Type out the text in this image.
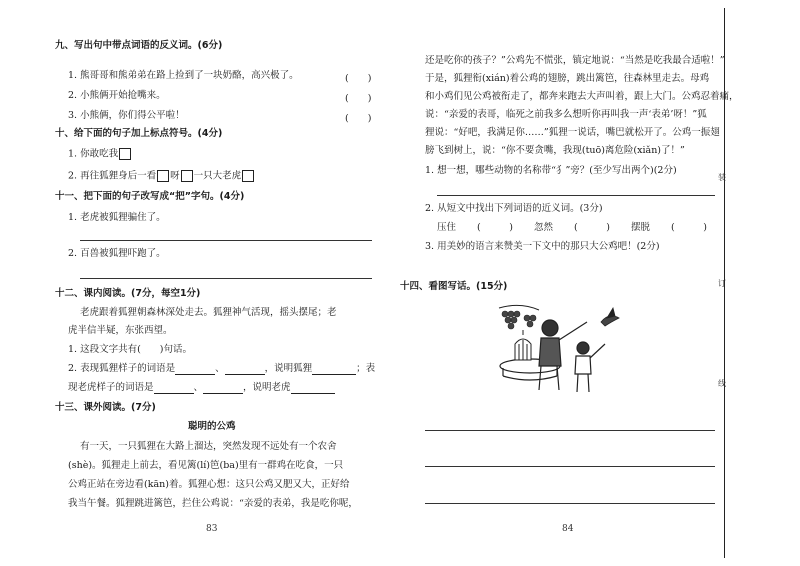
九、写出句中带点词语的反义词。(6分)
1. 熊哥哥和熊弟弟在路上捡到了一块奶酪，高兴极了。	(　　)
2. 小熊俩开始抢嘴来。	(　　)
3. 小熊俩，你们得公平啦！	(　　)
十、给下面的句子加上标点符号。(4分)
1. 你敢吃我
2. 再往狐狸身后一看 呀 一只大老虎
十一、把下面的句子改写成“把”字句。(4分)
1. 老虎被狐狸骗住了。
2. 百兽被狐狸吓跑了。
十二、课内阅读。(7分，每空1分)
老虎跟着狐狸朝森林深处走去。狐狸神气活现，摇头摆尾；老
虎半信半疑，东张西望。
1. 这段文字共有(　　)句话。
2. 表现狐狸样子的词语是	、	，说明狐狸	；表
现老虎样子的词语是	、	，说明老虎
十三、课外阅读。(7分)
聪明的公鸡
有一天，一只狐狸在大路上溜达，突然发现不远处有一个农舍
(shè)。狐狸走上前去，看见篱(lí)笆(ba)里有一群鸡在吃食，一只
公鸡正站在旁边看(kān)着。狐狸心想：这只公鸡又肥又大，正好给
我当午餐。狐狸跳进篱笆，拦住公鸡说：“亲爱的表弟，我是吃你呢，
83
还是吃你的孩子？”公鸡先不慌张，镇定地说：“当然是吃我最合适啦！”
于是，狐狸衔(xián)着公鸡的翅膀，跳出篱笆，往森林里走去。母鸡
和小鸡们见公鸡被衔走了，都奔来跑去大声叫着，跟上大门。公鸡忍着痛，
说：“亲爱的表哥，临死之前我多么想听你再叫我一声‘表弟’呀！”狐
狸说：“好吧，我满足你……”狐狸一说话，嘴巴就松开了。公鸡一振翅
膀飞到树上，说：“你不要贪嘴，我现(tuō)离危险(xiǎn)了！”
1. 想一想，哪些动物的名称带“犭”旁？(至少写出两个)(2分)
2. 从短文中找出下列词语的近义词。(3分)
压住 (　　　) 忽然 (　　　) 摆脱 (　　　)
3. 用美妙的语言来赞美一下文中的那只大公鸡吧！(2分)
十四、看图写话。(15分)
84
装
订
线
